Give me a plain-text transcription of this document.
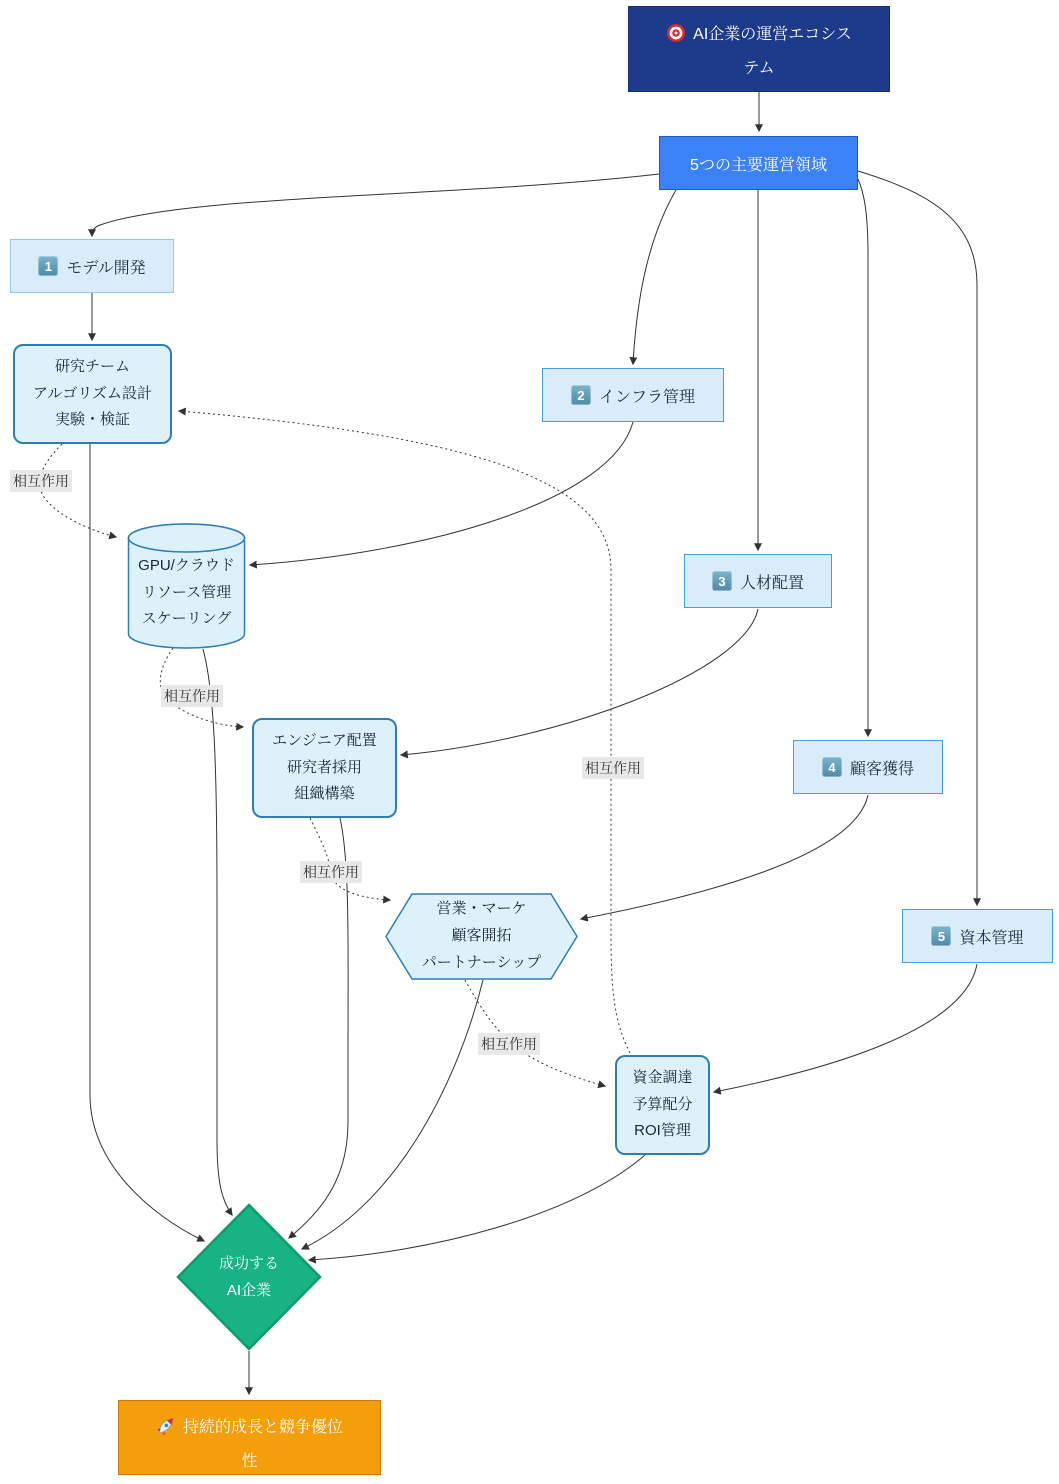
AI企業の運営エコシステム
5つの主要運営領域
1 モデル開発
2 インフラ管理
3 人材配置
4 顧客獲得
5 資本管理
研究チーム
アルゴリズム設計
実験・検証
GPU/クラウド
リソース管理
スケーリング
エンジニア配置
研究者採用
組織構築
営業・マーケ
顧客開拓
パートナーシップ
資金調達
予算配分
ROI管理
成功する
AI企業
持続的成長と競争優位性
相互作用
相互作用
相互作用
相互作用
相互作用
